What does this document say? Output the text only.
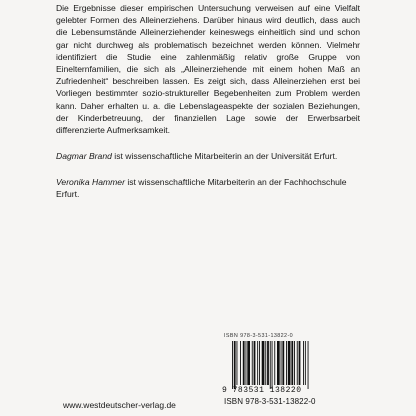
Die Ergebnisse dieser empirischen Untersuchung verweisen auf eine Vielfalt gelebter Formen des Alleinerziehens. Darüber hinaus wird deutlich, dass auch die Lebensumstände Alleinerziehender keineswegs einheitlich sind und schon gar nicht durchweg als problematisch bezeichnet werden können. Vielmehr identifiziert die Studie eine zahlenmäßig relativ große Gruppe von Einelternfamilien, die sich als „Alleinerziehende mit einem hohen Maß an Zufriedenheit“ beschreiben lassen. Es zeigt sich, dass Alleinerziehen erst bei Vorliegen bestimmter sozio-struktureller Begebenheiten zum Problem werden kann. Daher erhalten u. a. die Lebenslageaspekte der sozialen Beziehungen, der Kinderbetreuung, der finanziellen Lage sowie der Erwerbsarbeit differenzierte Aufmerksamkeit.

Dagmar Brand ist wissenschaftliche Mitarbeiterin an der Universität Erfurt.

Veronika Hammer ist wissenschaftliche Mitarbeiterin an der Fachhochschule Erfurt.

ISBN 978-3-531-13822-0
9 783531 138220
ISBN 978-3-531-13822-0
www.westdeutscher-verlag.de
